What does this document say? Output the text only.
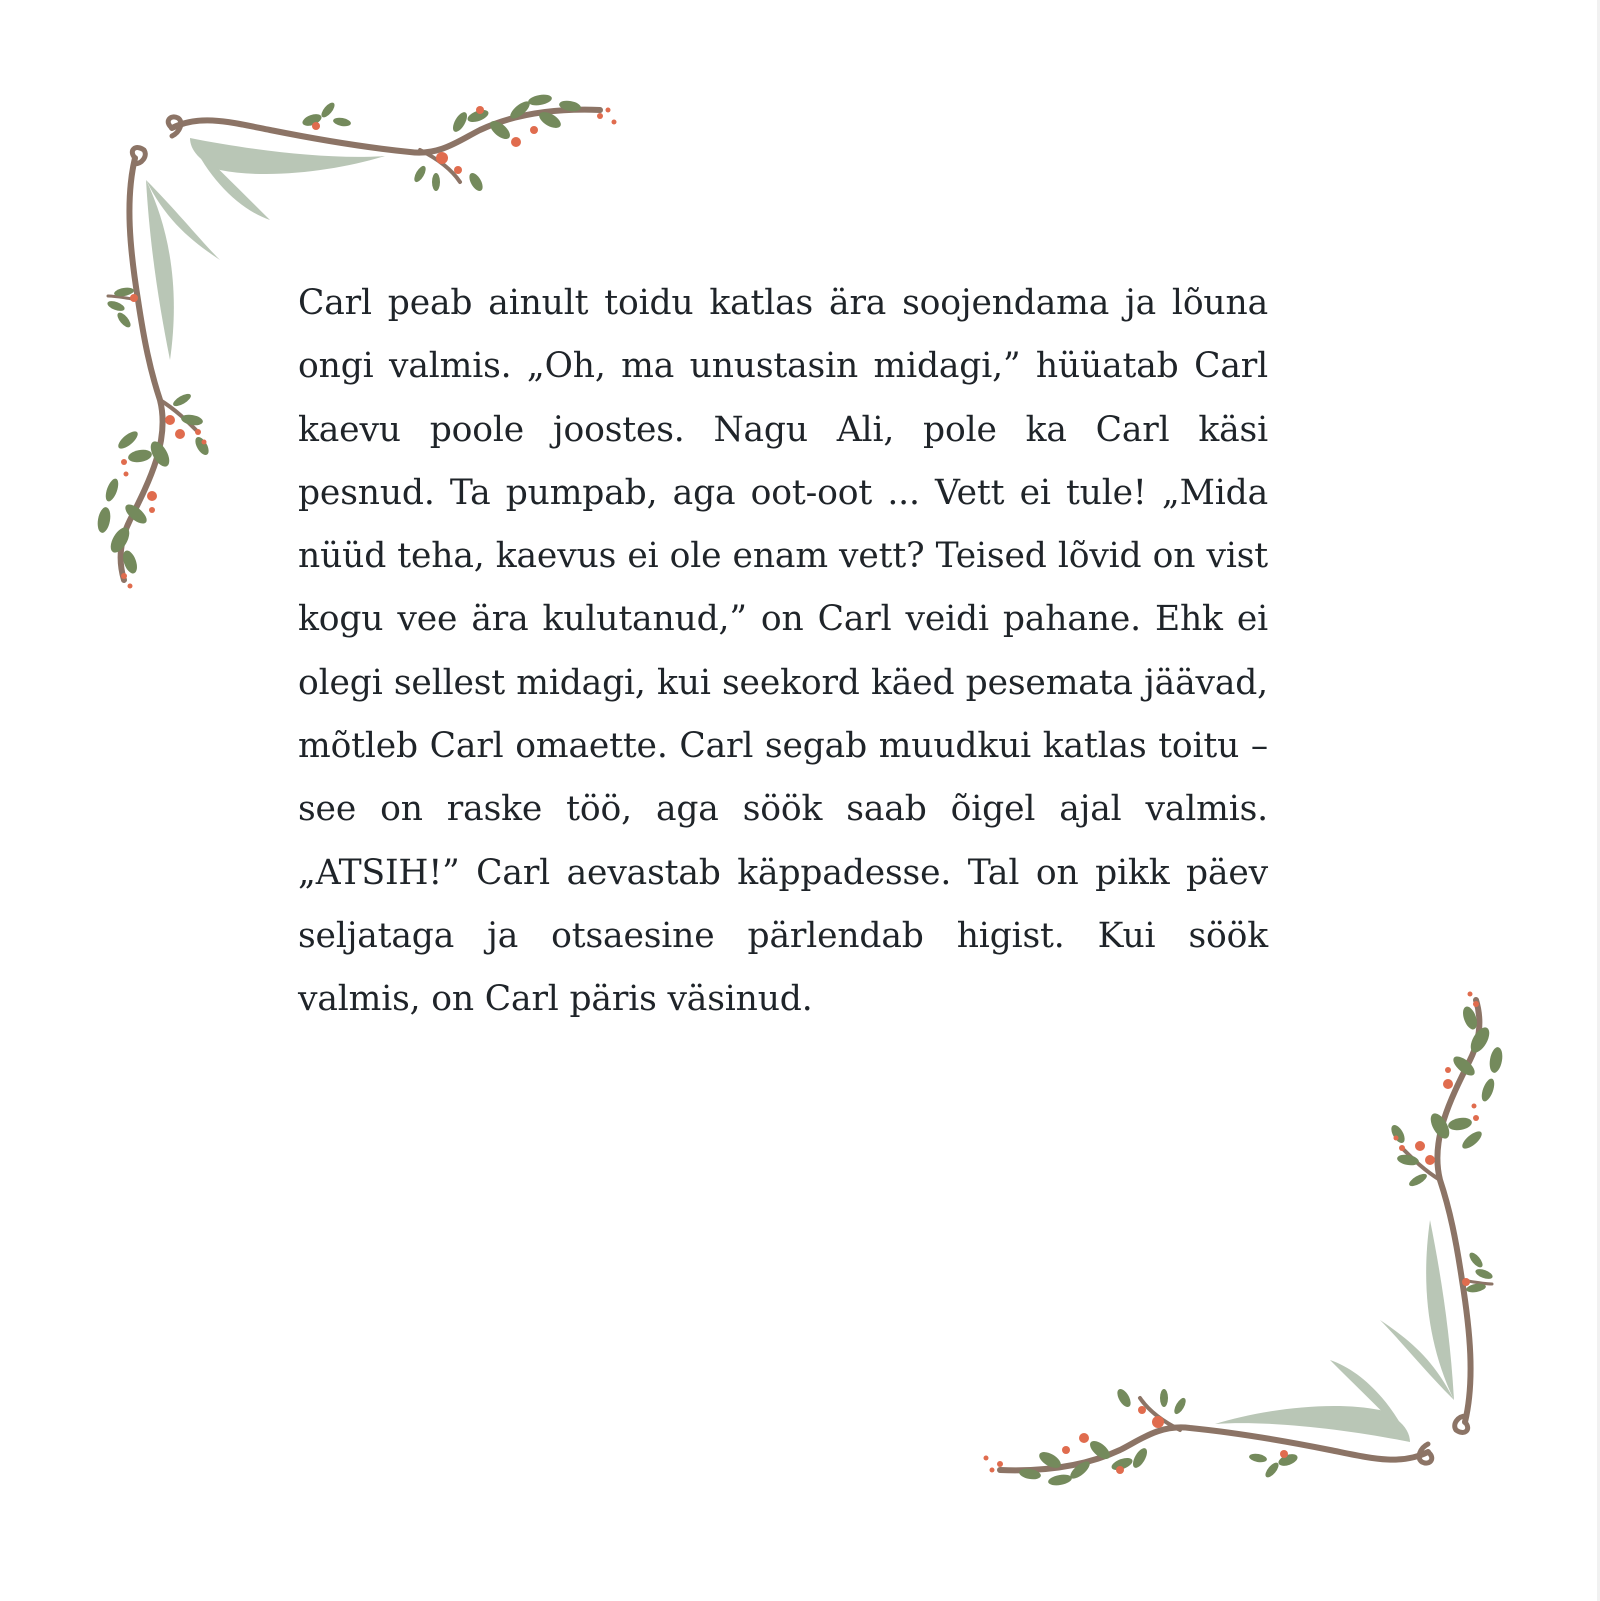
Carl peab ainult toidu katlas ära soojendama ja lõuna ongi valmis. „Oh, ma unustasin midagi,” hüüatab Carl kaevu poole joostes. Nagu Ali, pole ka Carl käsi pesnud. Ta pumpab, aga oot-oot ... Vett ei tule! „Mida nüüd teha, kaevus ei ole enam vett? Teised lõvid on vist kogu vee ära kulutanud,” on Carl veidi pahane. Ehk ei olegi sellest midagi, kui seekord käed pesemata jäävad, mõtleb Carl omaette. Carl segab muudkui katlas toitu – see on raske töö, aga söök saab õigel ajal valmis. „ATSIH!” Carl aevastab käppadesse. Tal on pikk päev seljataga ja otsaesine pärlendab higist. Kui söök valmis, on Carl päris väsinud.
